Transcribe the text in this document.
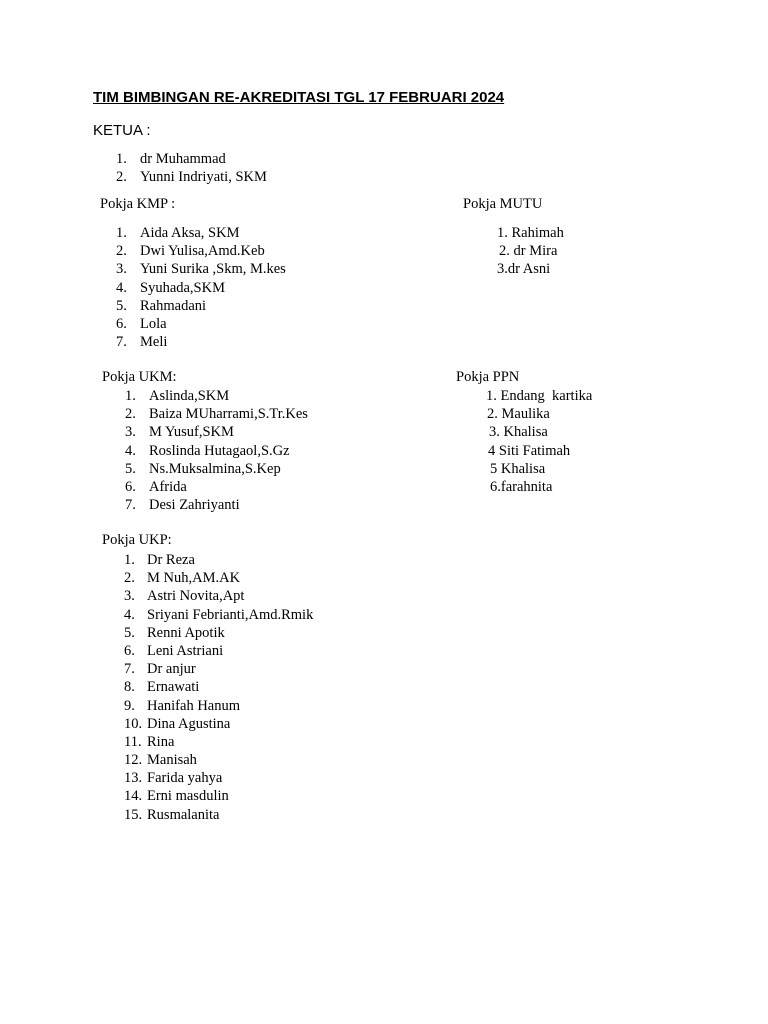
TIM BIMBINGAN RE-AKREDITASI TGL 17 FEBRUARI 2024
KETUA :
1. dr Muhammad
2. Yunni Indriyati, SKM
Pokja KMP :
1. Aida Aksa, SKM
2. Dwi Yulisa,Amd.Keb
3. Yuni Surika ,Skm, M.kes
4. Syuhada,SKM
5. Rahmadani
6. Lola
7. Meli
Pokja MUTU
1. Rahimah
2. dr Mira
3.dr Asni
Pokja UKM:
1. Aslinda,SKM
2. Baiza MUharrami,S.Tr.Kes
3. M Yusuf,SKM
4. Roslinda Hutagaol,S.Gz
5. Ns.Muksalmina,S.Kep
6. Afrida
7. Desi Zahriyanti
Pokja PPN
1. Endang  kartika
2. Maulika
3. Khalisa
4 Siti Fatimah
5 Khalisa
6.farahnita
Pokja UKP:
1. Dr Reza
2. M Nuh,AM.AK
3. Astri Novita,Apt
4. Sriyani Febrianti,Amd.Rmik
5. Renni Apotik
6. Leni Astriani
7. Dr anjur
8. Ernawati
9. Hanifah Hanum
10. Dina Agustina
11. Rina
12. Manisah
13. Farida yahya
14. Erni masdulin
15. Rusmalanita
